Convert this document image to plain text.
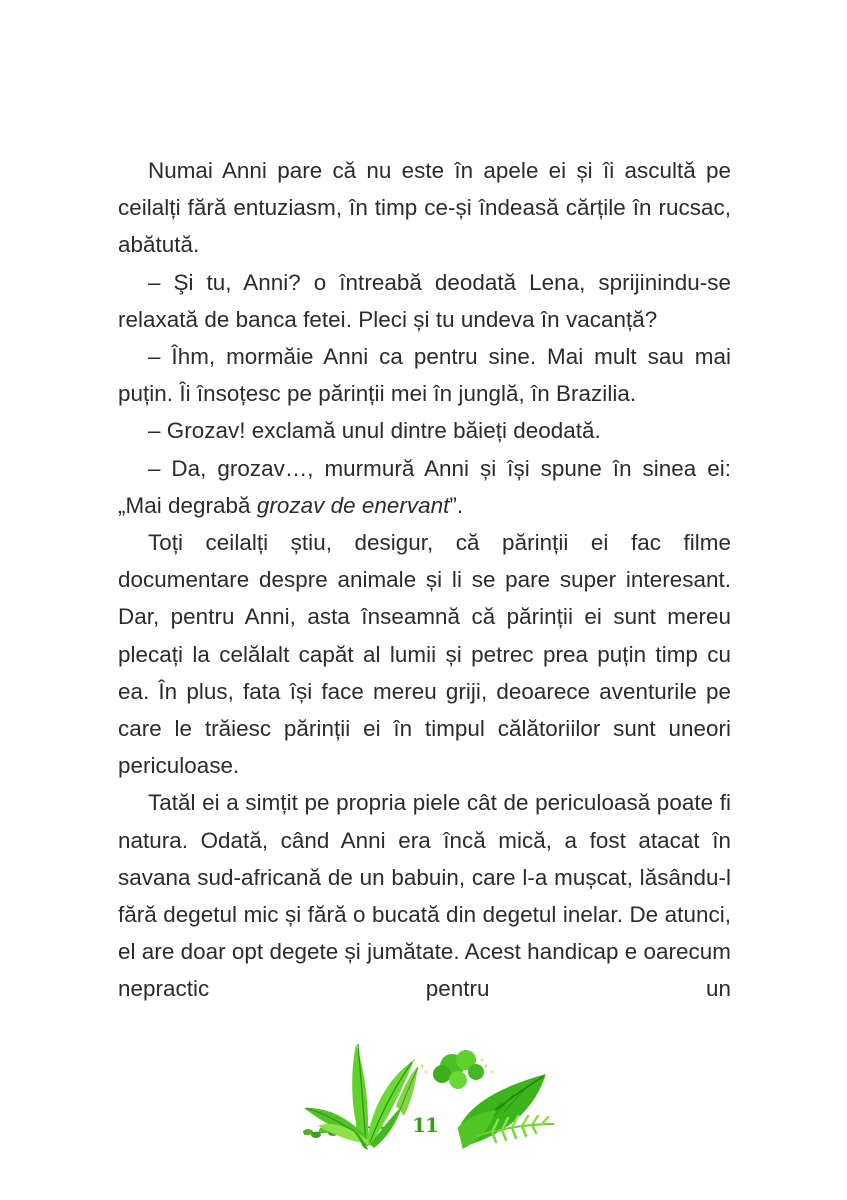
Numai Anni pare că nu este în apele ei și îi ascultă pe ceilalți fără entuziasm, în timp ce-și îndeasă cărțile în rucsac, abătută.

– Şi tu, Anni? o întreabă deodată Lena, sprijinindu-se relaxată de banca fetei. Pleci și tu undeva în vacanță?

– Îhm, mormăie Anni ca pentru sine. Mai mult sau mai puțin. Îi însoțesc pe părinții mei în junglă, în Brazilia.

– Grozav! exclamă unul dintre băieți deodată.

– Da, grozav…, murmură Anni și își spune în sinea ei: „Mai degrabă grozav de enervant”.

Toți ceilalți știu, desigur, că părinții ei fac filme documentare despre animale și li se pare super interesant. Dar, pentru Anni, asta înseamnă că părinții ei sunt mereu plecați la celălalt capăt al lumii și petrec prea puțin timp cu ea. În plus, fata își face mereu griji, deoarece aventurile pe care le trăiesc părinții ei în timpul călătoriilor sunt uneori periculoase.

Tatăl ei a simțit pe propria piele cât de periculoasă poate fi natura. Odată, când Anni era încă mică, a fost atacat în savana sud-africană de un babuin, care l-a mușcat, lăsându-l fără degetul mic și fără o bucată din degetul inelar. De atunci, el are doar opt degete și jumătate. Acest handicap e oarecum nepractic pentru un

11
